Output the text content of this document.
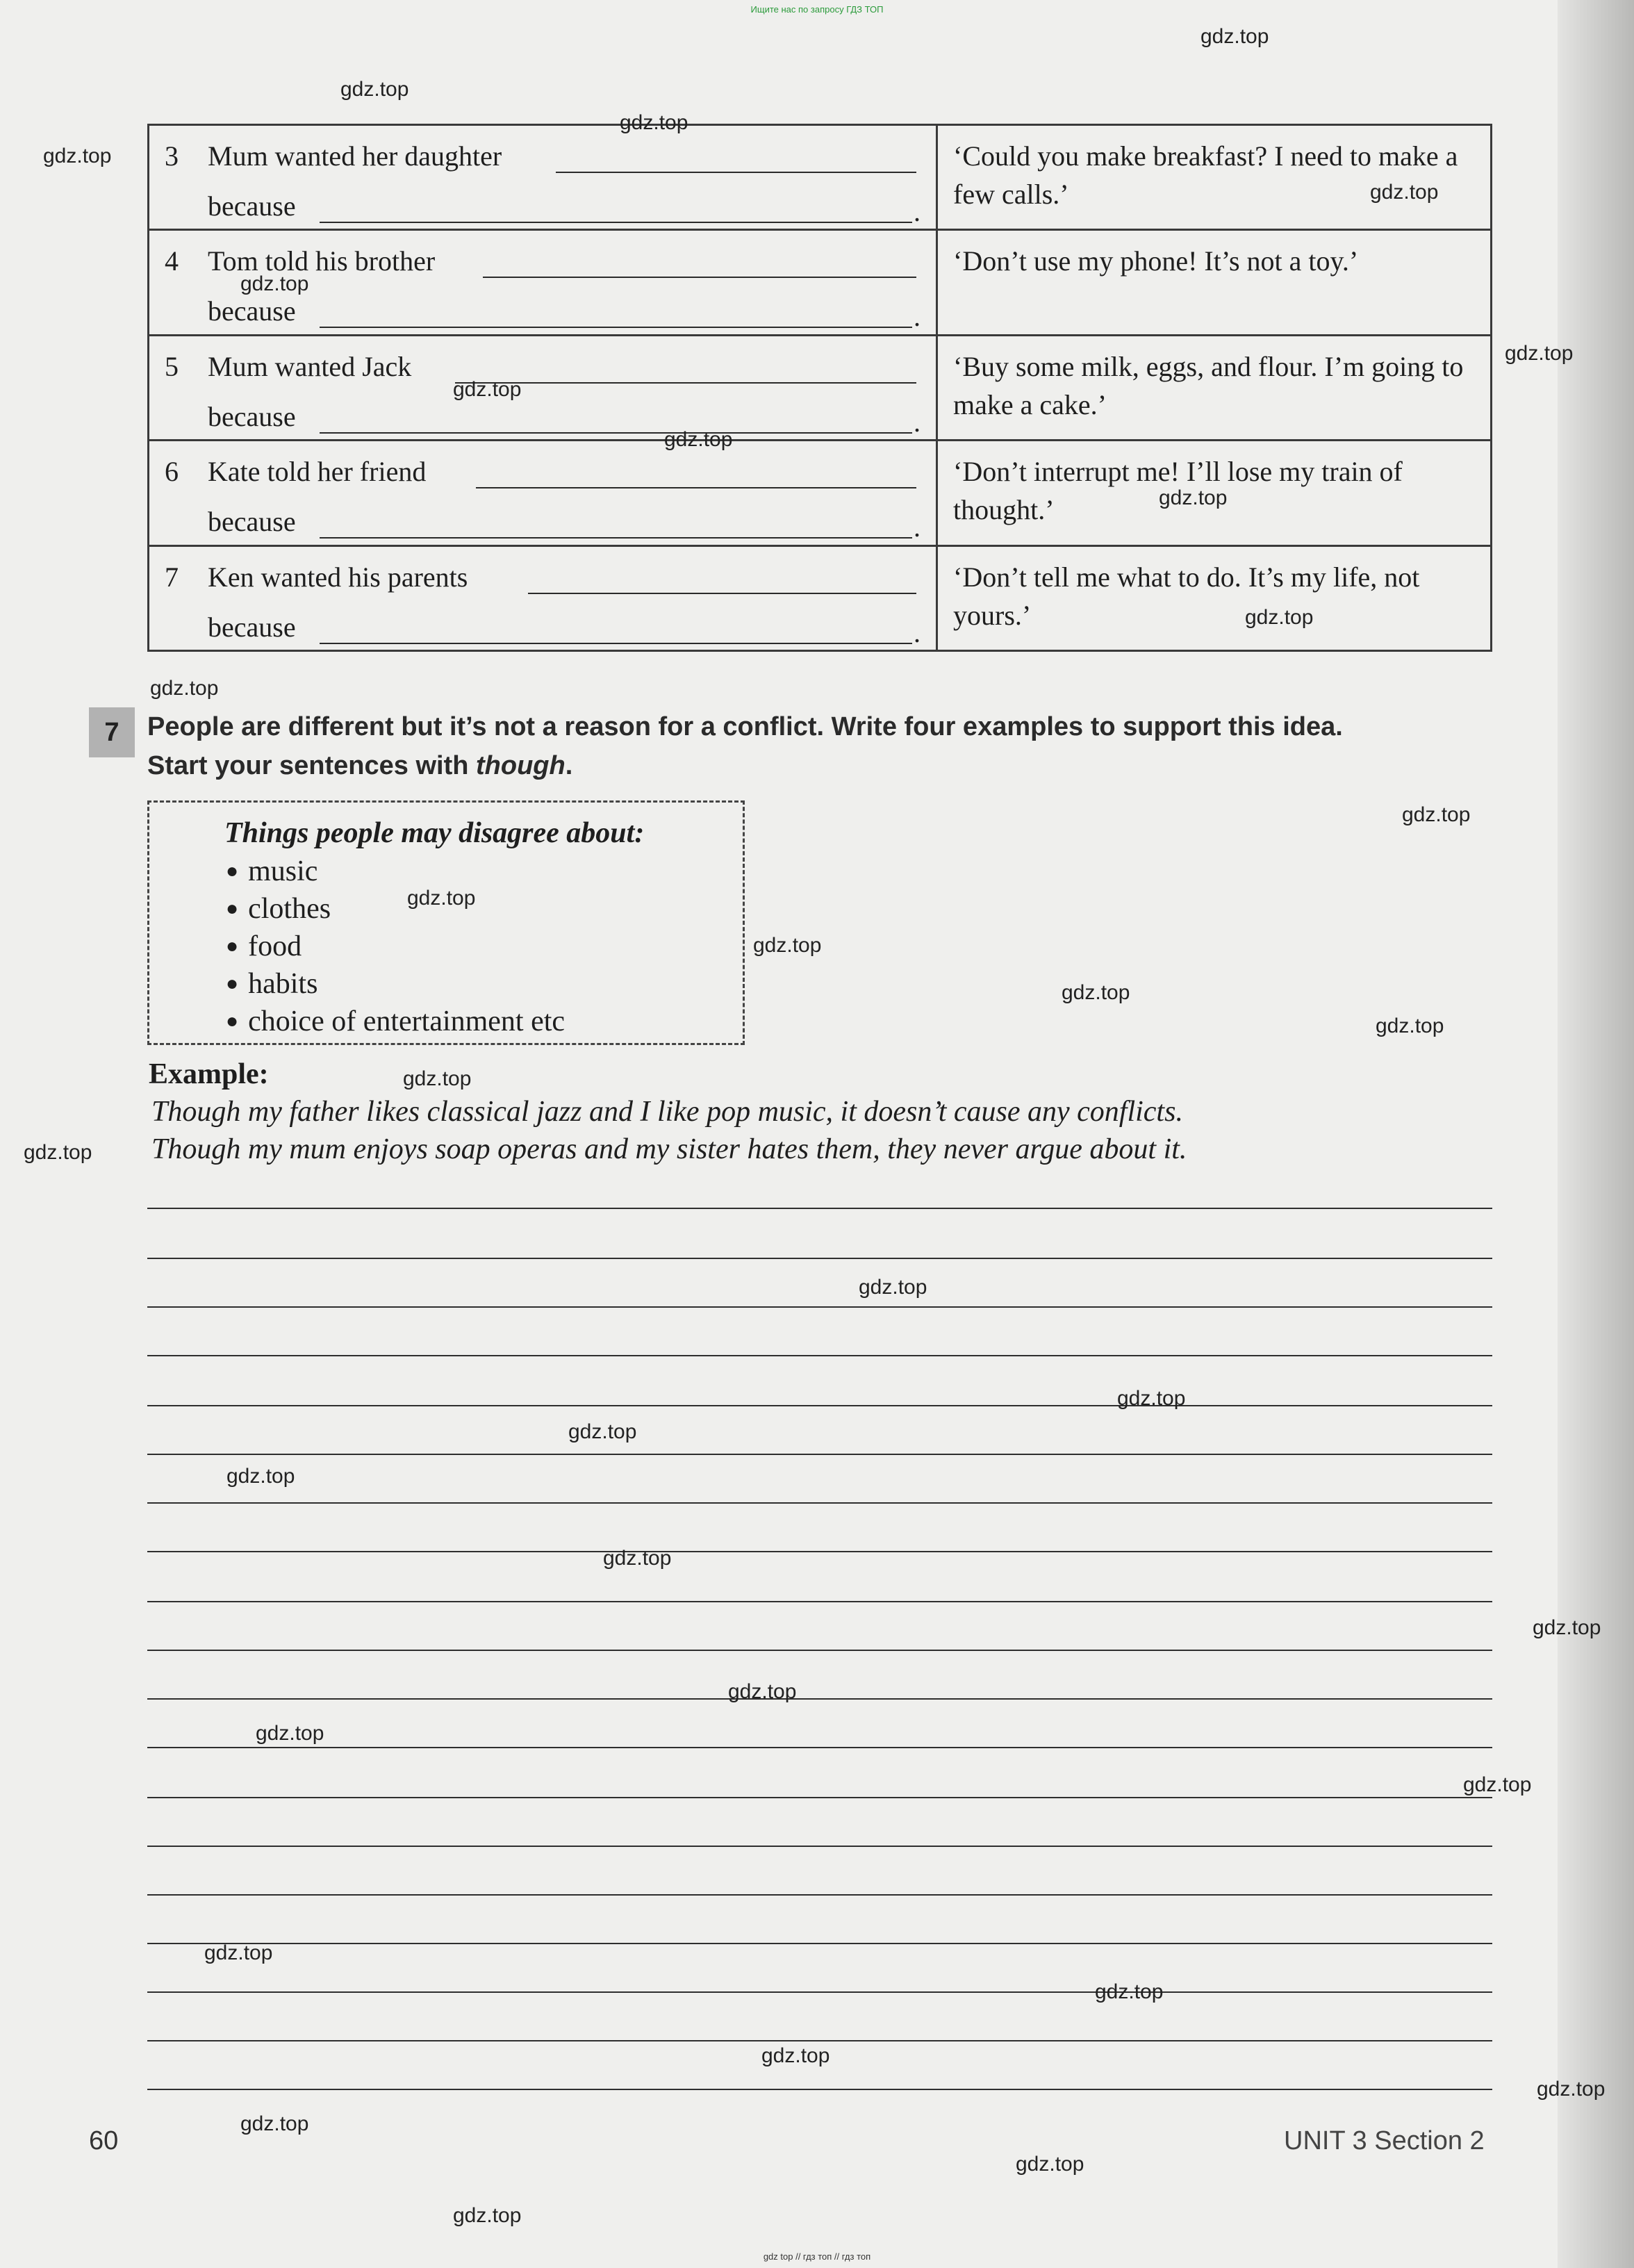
Ищите нас по запросу ГДЗ ТОП
3 Mum wanted her daughter
because .	‘Could you make breakfast? I need to make a few calls.’

4 Tom told his brother
because .	‘Don’t use my phone! It’s not a toy.’

5 Mum wanted Jack
because .	‘Buy some milk, eggs, and flour. I’m going to make a cake.’

6 Kate told her friend
because .	‘Don’t interrupt me! I’ll lose my train of thought.’

7 Ken wanted his parents
because .	‘Don’t tell me what to do. It’s my life, not yours.’
7	People are different but it’s not a reason for a conflict. Write four examples to support this idea.
Start your sentences with though.
Things people may disagree about:
● music
● clothes
● food
● habits
● choice of entertainment etc
Example:
Though my father likes classical jazz and I like pop music, it doesn’t cause any conflicts.
Though my mum enjoys soap operas and my sister hates them, they never argue about it.
60	UNIT 3 Section 2
gdz.top
gdz.top
gdz.top
gdz.top
gdz.top
gdz.top
gdz.top
gdz.top
gdz.top
gdz.top
gdz.top
gdz.top
gdz.top
gdz.top
gdz.top
gdz.top
gdz.top
gdz.top
gdz.top
gdz.top
gdz.top
gdz.top
gdz.top
gdz.top
gdz.top
gdz.top
gdz.top
gdz.top
gdz.top
gdz.top
gdz.top
gdz.top
gdz.top
gdz.top
gdz.top
gdz top // гдз топ // гдз топ
